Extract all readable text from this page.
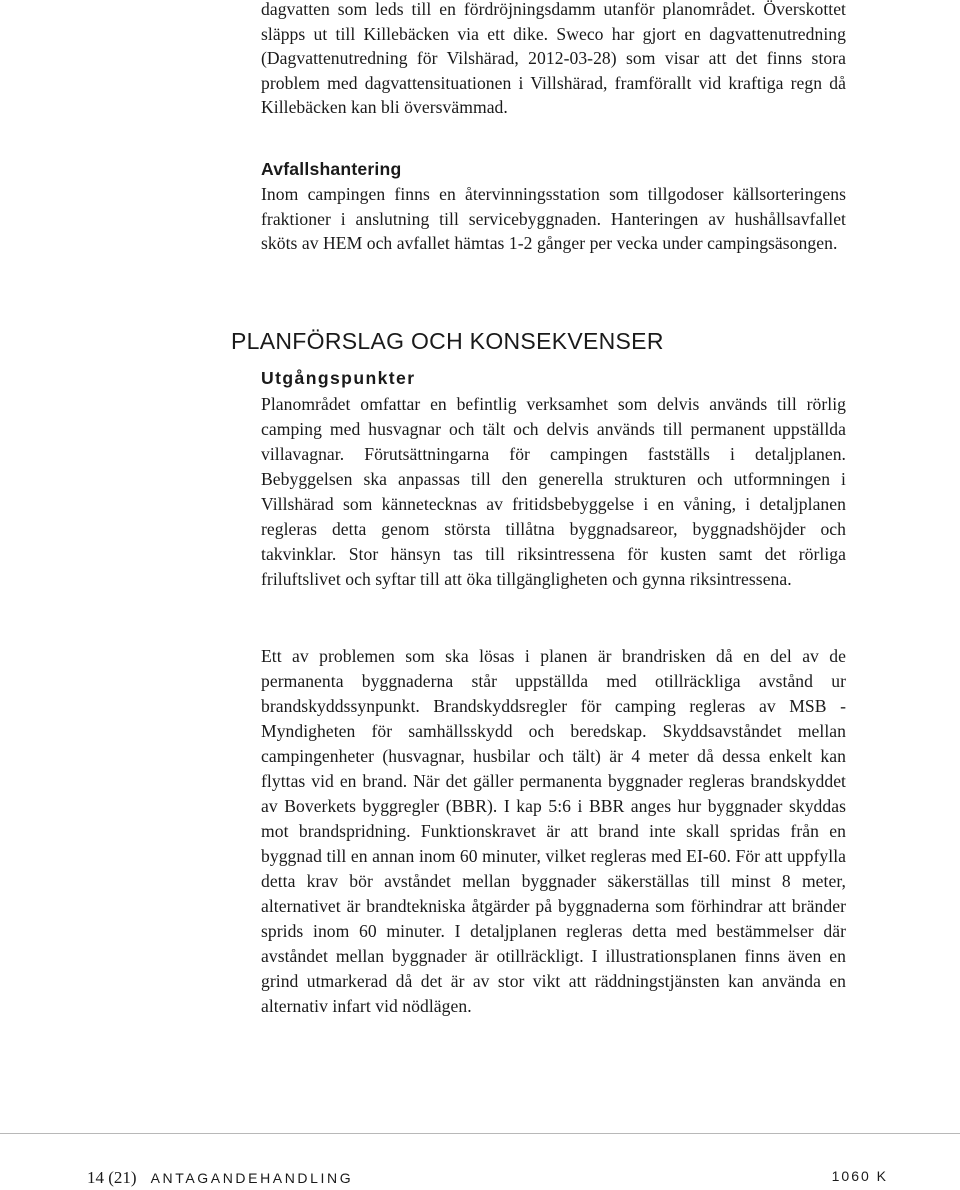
dagvatten som leds till en fördröjningsdamm utanför planområdet. Överskottet släpps ut till Killebäcken via ett dike. Sweco har gjort en dagvattenutredning (Dagvattenutredning för Vilshärad, 2012-03-28) som visar att det finns stora problem med dagvattensituationen i Villshärad, framförallt vid kraftiga regn då Killebäcken kan bli översvämmad.

Avfallshantering

Inom campingen finns en återvinningsstation som tillgodoser källsorteringens fraktioner i anslutning till servicebyggnaden. Hanteringen av hushållsavfallet sköts av HEM och avfallet hämtas 1-2 gånger per vecka under campingsäsongen.

PLANFÖRSLAG OCH KONSEKVENSER
Utgångspunkter

Planområdet omfattar en befintlig verksamhet som delvis används till rörlig camping med husvagnar och tält och delvis används till permanent uppställda villavagnar. Förutsättningarna för campingen fastställs i detaljplanen. Bebyggelsen ska anpassas till den generella strukturen och utformningen i Villshärad som kännetecknas av fritidsbebyggelse i en våning, i detaljplanen regleras detta genom största tillåtna byggnadsareor, byggnadshöjder och takvinklar. Stor hänsyn tas till riksintressena för kusten samt det rörliga friluftslivet och syftar till att öka tillgängligheten och gynna riksintressena.

Ett av problemen som ska lösas i planen är brandrisken då en del av de permanenta byggnaderna står uppställda med otillräckliga avstånd ur brandskyddssynpunkt. Brandskyddsregler för camping regleras av MSB - Myndigheten för samhällsskydd och beredskap. Skyddsavståndet mellan campingenheter (husvagnar, husbilar och tält) är 4 meter då dessa enkelt kan flyttas vid en brand. När det gäller permanenta byggnader regleras brandskyddet av Boverkets byggregler (BBR). I kap 5:6 i BBR anges hur byggnader skyddas mot brandspridning. Funktionskravet är att brand inte skall spridas från en byggnad till en annan inom 60 minuter, vilket regleras med EI-60. För att uppfylla detta krav bör avståndet mellan byggnader säkerställas till minst 8 meter, alternativet är brandtekniska åtgärder på byggnaderna som förhindrar att bränder sprids inom 60 minuter. I detaljplanen regleras detta med bestämmelser där avståndet mellan byggnader är otillräckligt. I illustrationsplanen finns även en grind utmarkerad då det är av stor vikt att räddningstjänsten kan använda en alternativ infart vid nödlägen.

14 (21) ANTAGANDEHANDLING	1060 K
